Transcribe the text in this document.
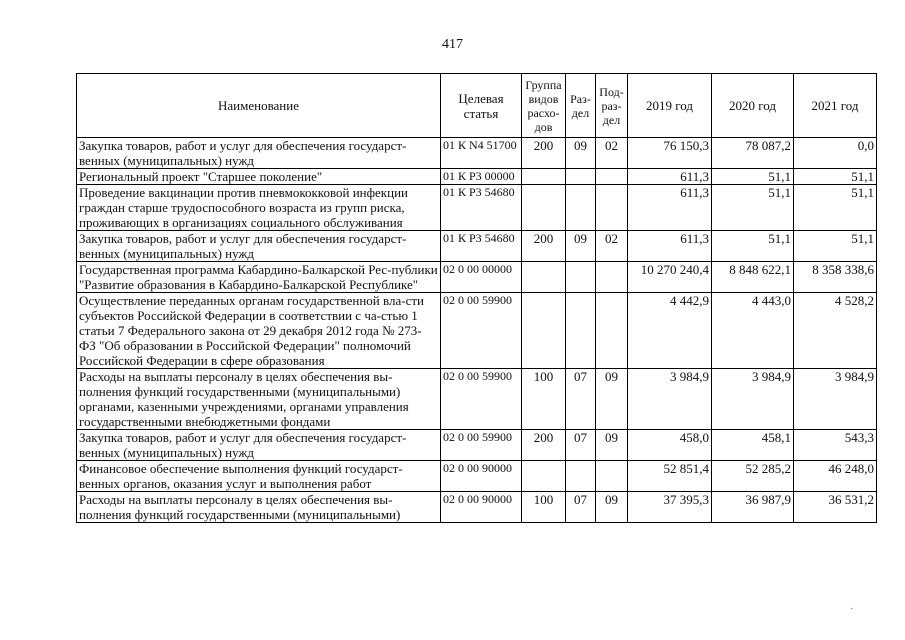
417
Наименование	Целевая статья	Группа видов расхо-дов	Раз-дел	Под-раз-дел	2019 год	2020 год	2021 год
Закупка товаров, работ и услуг для обеспечения государст-венных (муниципальных) нужд	01 К N4 51700	200	09	02	76 150,3	78 087,2	0,0
Региональный проект "Старшее поколение"	01 К Р3 00000				611,3	51,1	51,1
Проведение вакцинации против пневмококковой инфекции граждан старше трудоспособного возраста из групп риска, проживающих в организациях социального обслуживания	01 К Р3 54680				611,3	51,1	51,1
Закупка товаров, работ и услуг для обеспечения государст-венных (муниципальных) нужд	01 К Р3 54680	200	09	02	611,3	51,1	51,1
Государственная программа Кабардино-Балкарской Рес-публики "Развитие образования в Кабардино-Балкарской Республике"	02 0 00 00000				10 270 240,4	8 848 622,1	8 358 338,6
Осуществление переданных органам государственной вла-сти субъектов Российской Федерации в соответствии с ча-стью 1 статьи 7 Федерального закона от 29 декабря 2012 года № 273-ФЗ "Об образовании в Российской Федерации" полномочий Российской Федерации в сфере образования	02 0 00 59900				4 442,9	4 443,0	4 528,2
Расходы на выплаты персоналу в целях обеспечения вы-полнения функций государственными (муниципальными) органами, казенными учреждениями, органами управления государственными внебюджетными фондами	02 0 00 59900	100	07	09	3 984,9	3 984,9	3 984,9
Закупка товаров, работ и услуг для обеспечения государст-венных (муниципальных) нужд	02 0 00 59900	200	07	09	458,0	458,1	543,3
Финансовое обеспечение выполнения функций государст-венных органов, оказания услуг и выполнения работ	02 0 00 90000				52 851,4	52 285,2	46 248,0
Расходы на выплаты персоналу в целях обеспечения вы-полнения функций государственными (муниципальными)	02 0 00 90000	100	07	09	37 395,3	36 987,9	36 531,2
·
